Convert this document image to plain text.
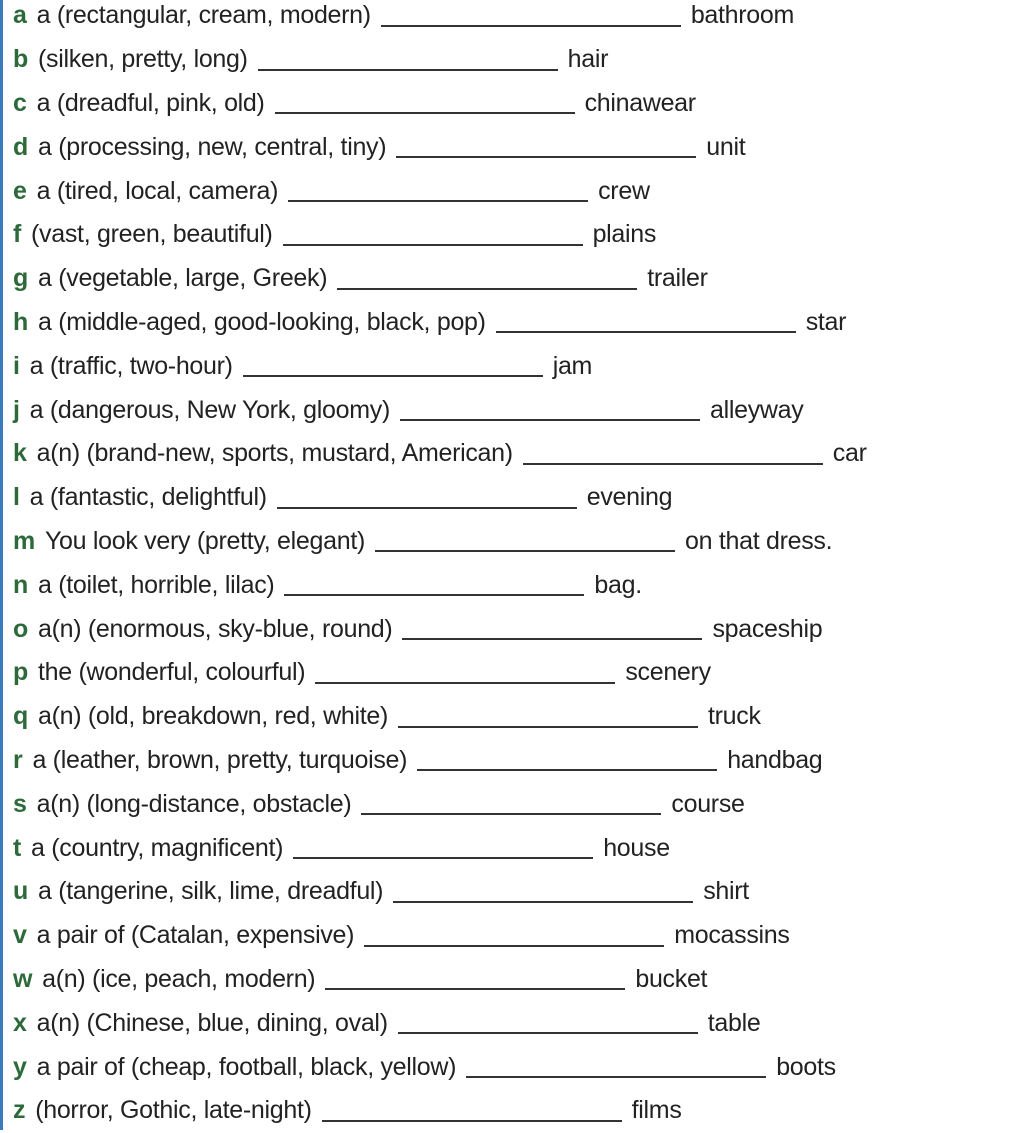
a a (rectangular, cream, modern)	bathroom
b (silken, pretty, long)	hair
c a (dreadful, pink, old)	chinawear
d a (processing, new, central, tiny)	unit
e a (tired, local, camera)	crew
f (vast, green, beautiful)	plains
g a (vegetable, large, Greek)	trailer
h a (middle-aged, good-looking, black, pop)	star
i a (traffic, two-hour)	jam
j a (dangerous, New York, gloomy)	alleyway
k a(n) (brand-new, sports, mustard, American)	car
l a (fantastic, delightful)	evening
m You look very (pretty, elegant)	on that dress.
n a (toilet, horrible, lilac)	bag.
o a(n) (enormous, sky-blue, round)	spaceship
p the (wonderful, colourful)	scenery
q a(n) (old, breakdown, red, white)	truck
r a (leather, brown, pretty, turquoise)	handbag
s a(n) (long-distance, obstacle)	course
t a (country, magnificent)	house
u a (tangerine, silk, lime, dreadful)	shirt
v a pair of (Catalan, expensive)	mocassins
w a(n) (ice, peach, modern)	bucket
x a(n) (Chinese, blue, dining, oval)	table
y a pair of (cheap, football, black, yellow)	boots
z (horror, Gothic, late-night)	films
